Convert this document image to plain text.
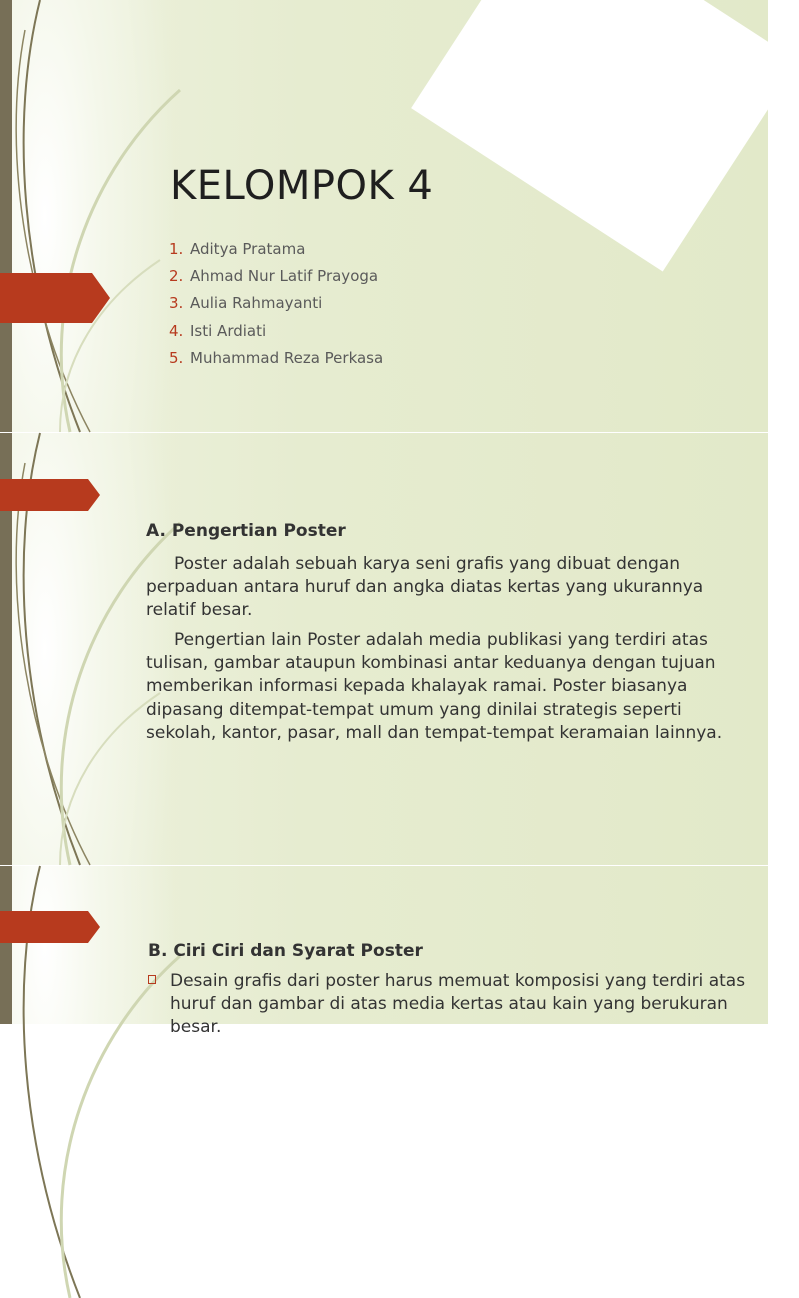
KELOMPOK 4
1. Aditya Pratama
2. Ahmad Nur Latif Prayoga
3. Aulia Rahmayanti
4. Isti Ardiati
5. Muhammad Reza Perkasa
A. Pengertian Poster

Poster adalah sebuah karya seni grafis yang dibuat dengan perpaduan antara huruf dan angka diatas kertas yang ukurannya relatif besar.

Pengertian lain Poster adalah media publikasi yang terdiri atas tulisan, gambar ataupun kombinasi antar keduanya dengan tujuan memberikan informasi kepada khalayak ramai. Poster biasanya dipasang ditempat-tempat umum yang dinilai strategis seperti sekolah, kantor, pasar, mall dan tempat-tempat keramaian lainnya.

B. Ciri Ciri dan Syarat Poster
Desain grafis dari poster harus memuat komposisi yang terdiri atas huruf dan gambar di atas media kertas atau kain yang berukuran besar.
